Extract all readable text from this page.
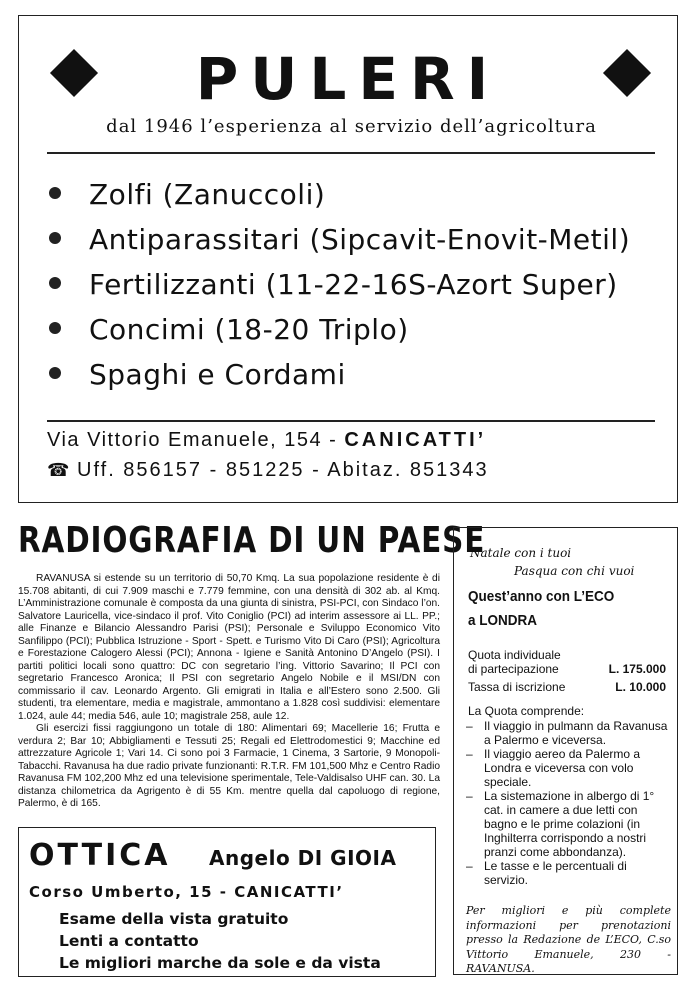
PULERI
dal 1946 l’esperienza al servizio dell’agricoltura
Zolfi (Zanuccoli)
Antiparassitari (Sipcavit-Enovit-Metil)
Fertilizzanti (11-22-16S-Azort Super)
Concimi (18-20 Triplo)
Spaghi e Cordami
Via Vittorio Emanuele, 154 - CANICATTI’
☎ Uff. 856157 - 851225 - Abitaz. 851343
RADIOGRAFIA DI UN PAESE

RAVANUSA si estende su un territorio di 50,70 Kmq. La sua popolazione residente è di 15.708 abitanti, di cui 7.909 maschi e 7.779 femmine, con una densità di 302 ab. al Kmq. L’Amministrazione comunale è composta da una giunta di sinistra, PSI-PCI, con Sindaco l’on. Salvatore Lauricella, vice-sindaco il prof. Vito Coniglio (PCI) ad interim assessore ai LL. PP.; alle Finanze e Bilancio Alessandro Parisi (PSI); Personale e Sviluppo Economico Vito Sanfilippo (PCI); Pubblica Istruzione - Sport - Spett. e Turismo Vito Di Caro (PSI); Agricoltura e Forestazione Calogero Alessi (PCI); Annona - Igiene e Sanità Antonino D’Angelo (PSI). I partiti politici locali sono quattro: DC con segretario l’ing. Vittorio Savarino; Il PCI con segretario Francesco Aronica; Il PSI con segretario Angelo Nobile e il MSI/DN con commissario il cav. Leonardo Argento. Gli emigrati in Italia e all’Estero sono 2.500. Gli studenti, tra elementare, media e magistrale, ammontano a 1.828 così suddivisi: elementare 1.024, aule 44; media 546, aule 10; magistrale 258, aule 12.

Gli esercizi fissi raggiungono un totale di 180: Alimentari 69; Macellerie 16; Frutta e verdura 2; Bar 10; Abbigliamenti e Tessuti 25; Regali ed Elettrodomestici 9; Macchine ed attrezzature Agricole 1; Vari 14. Ci sono poi 3 Farmacie, 1 Cinema, 3 Sartorie, 9 Monopoli-Tabacchi. Ravanusa ha due radio private funzionanti: R.T.R. FM 101,500 Mhz e Centro Radio Ravanusa FM 102,200 Mhz ed una televisione sperimentale, Tele-Valdisalso UHF can. 30. La distanza chilometrica da Agrigento è di 55 Km. mentre quella dal capoluogo di regione, Palermo, è di 165.

OTTICA Angelo DI GIOIA
Corso Umberto, 15 - CANICATTI’
Esame della vista gratuito
Lenti a contatto
Le migliori marche da sole e da vista
Natale con i tuoi
Pasqua con chi vuoi
Quest’anno con L’ECO
a LONDRA
Quota individuale
di partecipazione	L. 175.000
Tassa di iscrizione	L. 10.000
La Quota comprende:
– Il viaggio in pulmann da Ravanusa a Palermo e viceversa.
– Il viaggio aereo da Palermo a Londra e viceversa con volo speciale.
– La sistemazione in albergo di 1° cat. in camere a due letti con bagno e le prime colazioni (in Inghilterra corrispondo a nostri pranzi come abbondanza).
– Le tasse e le percentuali di servizio.
Per migliori e più complete informazioni per prenotazioni presso la Redazione de L’ECO, C.so Vittorio Emanuele, 230 - RAVANUSA.
